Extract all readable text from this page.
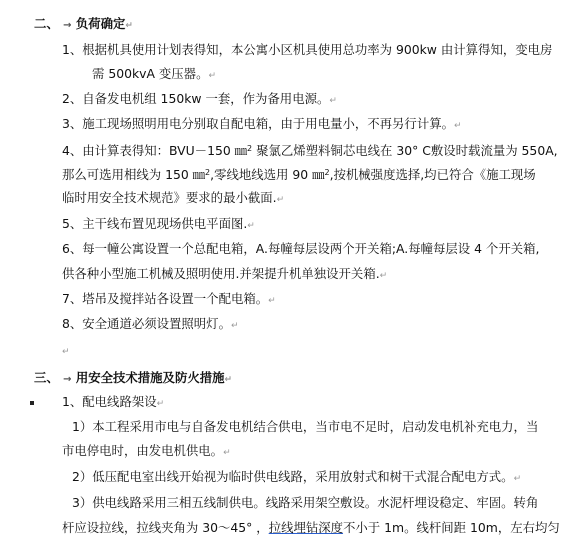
二、 → 负荷确定↵
1、根据机具使用计划表得知，本公寓小区机具使用总功率为 900kw 由计算得知，变电房
需 500kvA 变压器。↵
2、自备发电机组 150kw 一套，作为备用电源。↵
3、施工现场照明用电分别取自配电箱，由于用电量小，不再另行计算。↵
4、由计算表得知：BVU－150 ㎜$^2$ 聚氯乙烯塑料铜芯电线在 30° C敷设时载流量为 550A,
那么可选用相线为 150 ㎜$^2$,零线地线选用 90 ㎜$^2$,按机械强度选择,均已符合《施工现场
临时用安全技术规范》要求的最小截面.↵
5、主干线布置见现场供电平面图.↵
6、每一幢公寓设置一个总配电箱，A.每幢每层设两个开关箱;A.每幢每层设 4 个开关箱,
供各种小型施工机械及照明使用.并架提升机单独设开关箱.↵
7、塔吊及搅拌站各设置一个配电箱。↵
8、安全通道必须设置照明灯。↵
↵
三、 → 用安全技术措施及防火措施↵
1、配电线路架设↵
1）本工程采用市电与自备发电机结合供电，当市电不足时，启动发电机补充电力，当
市电停电时，由发电机供电。↵
2）低压配电室出线开始视为临时供电线路，采用放射式和树干式混合配电方式。↵
3）供电线路采用三相五线制供电。线路采用架空敷设。水泥杆埋设稳定、牢固。转角
杆应设拉线，拉线夹角为 30～45° ，拉线埋钻深度不小于 1m。线杆间距 10m，左右均匀
